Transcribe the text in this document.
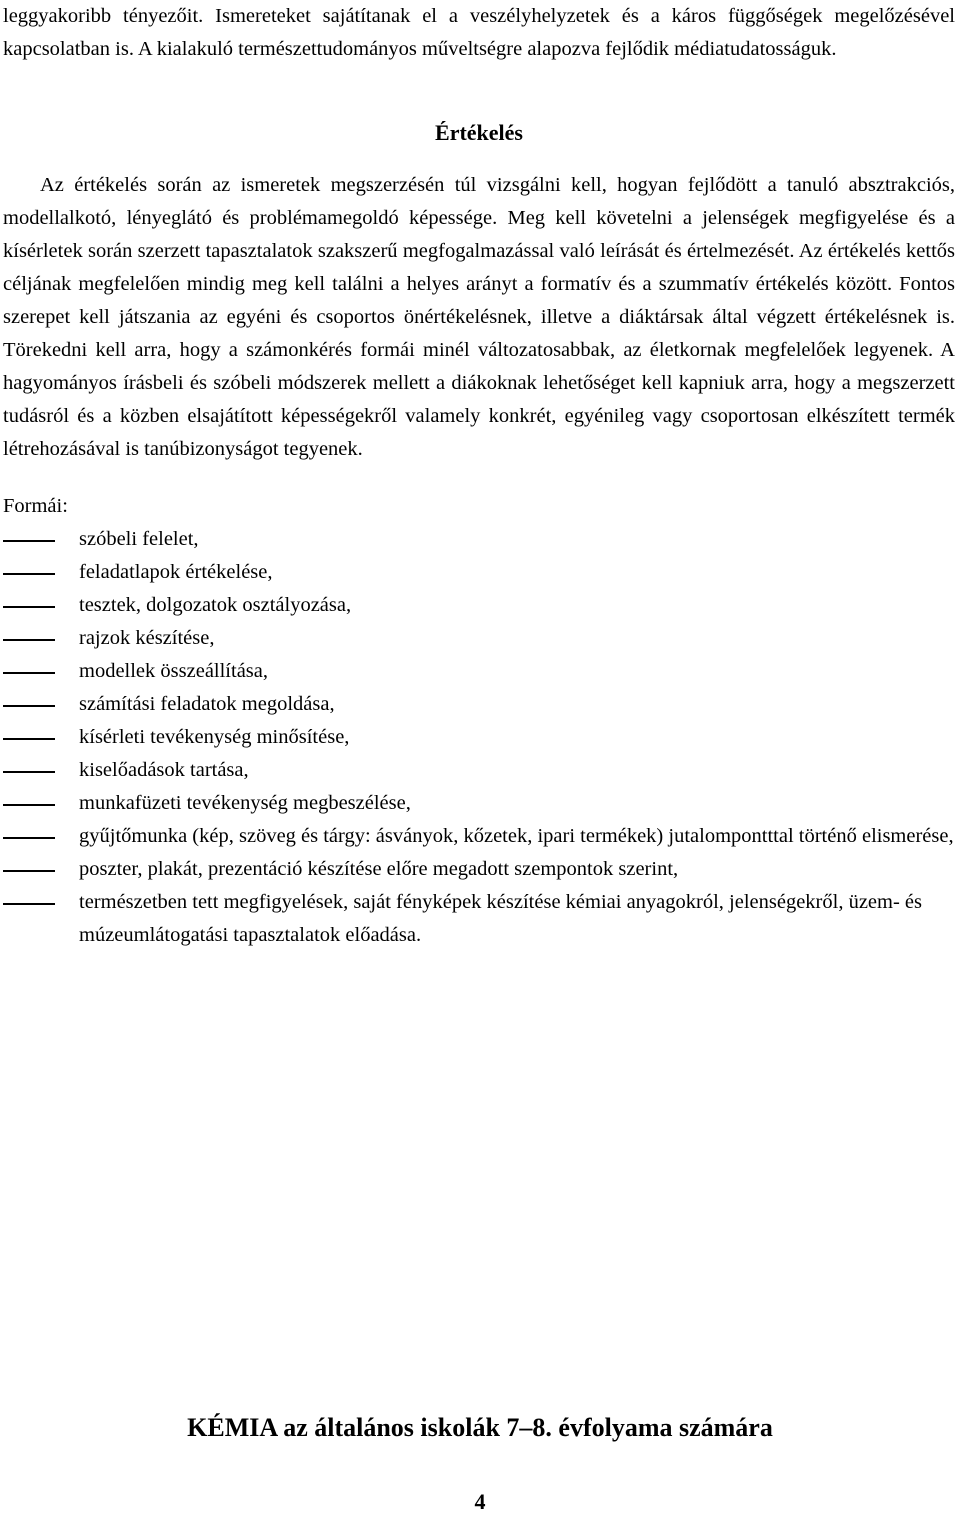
leggyakoribb tényezőit. Ismereteket sajátítanak el a veszélyhelyzetek és a káros függőségek megelőzésével kapcsolatban is. A kialakuló természettudományos műveltségre alapozva fejlődik médiatudatosságuk.

Értékelés

Az értékelés során az ismeretek megszerzésén túl vizsgálni kell, hogyan fejlődött a tanuló absztrakciós, modellalkotó, lényeglátó és problémamegoldó képessége. Meg kell követelni a jelenségek megfigyelése és a kísérletek során szerzett tapasztalatok szakszerű megfogalmazással való leírását és értelmezését. Az értékelés kettős céljának megfelelően mindig meg kell találni a helyes arányt a formatív és a szummatív értékelés között. Fontos szerepet kell játszania az egyéni és csoportos önértékelésnek, illetve a diáktársak által végzett értékelésnek is. Törekedni kell arra, hogy a számonkérés formái minél változatosabbak, az életkornak megfelelőek legyenek. A hagyományos írásbeli és szóbeli módszerek mellett a diákoknak lehetőséget kell kapniuk arra, hogy a megszerzett tudásról és a közben elsajátított képességekről valamely konkrét, egyénileg vagy csoportosan elkészített termék létrehozásával is tanúbizonyságot tegyenek.

Formái:

szóbeli felelet,
feladatlapok értékelése,
tesztek, dolgozatok osztályozása,
rajzok készítése,
modellek összeállítása,
számítási feladatok megoldása,
kísérleti tevékenység minősítése,
kiselőadások tartása,
munkafüzeti tevékenység megbeszélése,
gyűjtőmunka (kép, szöveg és tárgy: ásványok, kőzetek, ipari termékek) jutalompontttal történő elismerése,
poszter, plakát, prezentáció készítése előre megadott szempontok szerint,
természetben tett megfigyelések, saját fényképek készítése kémiai anyagokról, jelenségekről, üzem- és múzeumlátogatási tapasztalatok előadása.
KÉMIA az általános iskolák 7–8. évfolyama számára
4
